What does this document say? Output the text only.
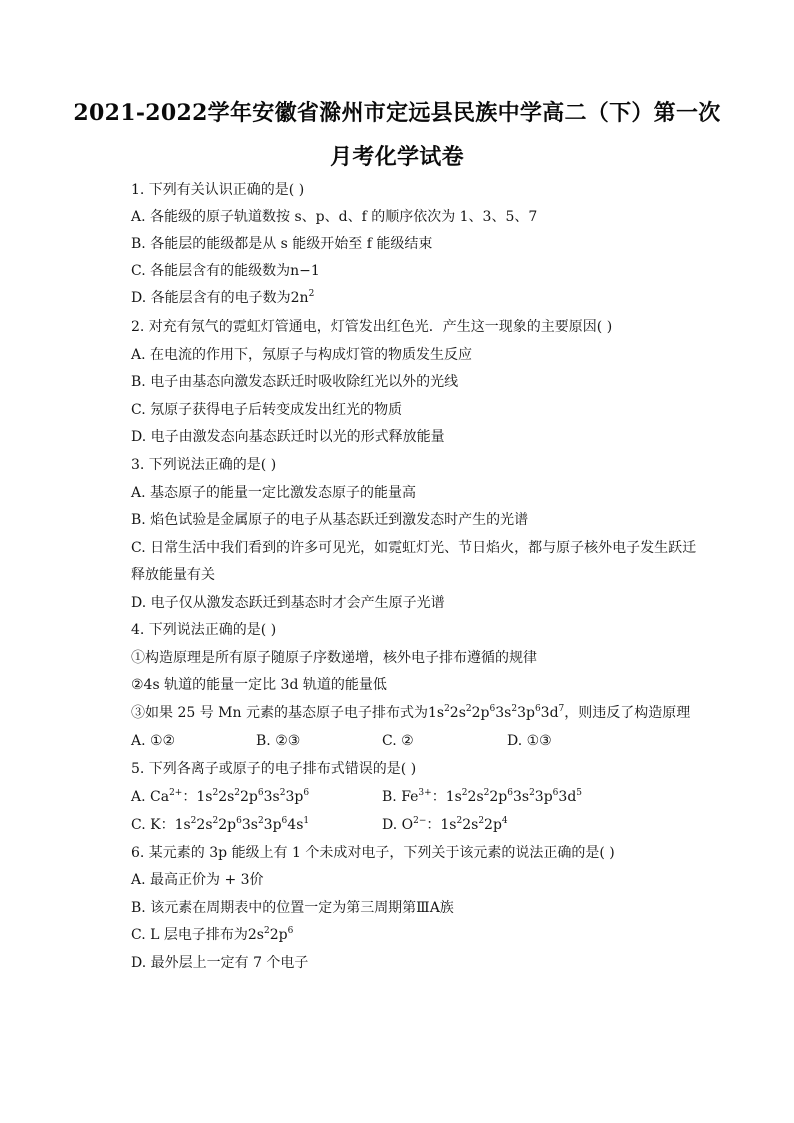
2021-2022学年安徽省滁州市定远县民族中学高二（下）第一次
月考化学试卷
1. 下列有关认识正确的是( )
A. 各能级的原子轨道数按 s、p、d、f 的顺序依次为 1、3、5、7
B. 各能层的能级都是从 s 能级开始至 f 能级结束
C. 各能层含有的能级数为n−1
D. 各能层含有的电子数为$2n^2$
2. 对充有氖气的霓虹灯管通电，灯管发出红色光．产生这一现象的主要原因( )
A. 在电流的作用下，氖原子与构成灯管的物质发生反应
B. 电子由基态向激发态跃迁时吸收除红光以外的光线
C. 氖原子获得电子后转变成发出红光的物质
D. 电子由激发态向基态跃迁时以光的形式释放能量
3. 下列说法正确的是( )
A. 基态原子的能量一定比激发态原子的能量高
B. 焰色试验是金属原子的电子从基态跃迁到激发态时产生的光谱
C. 日常生活中我们看到的许多可见光，如霓虹灯光、节日焰火，都与原子核外电子发生跃迁
释放能量有关
D. 电子仅从激发态跃迁到基态时才会产生原子光谱
4. 下列说法正确的是( )
①构造原理是所有原子随原子序数递增，核外电子排布遵循的规律
②4s 轨道的能量一定比 3d 轨道的能量低
③如果 25 号 Mn 元素的基态原子电子排布式为$1s^22s^22p^63s^23p^63d^7$，则违反了构造原理
A. ①②	B. ②③	C. ②	D. ①③
5. 下列各离子或原子的电子排布式错误的是( )
A. $Ca^{2+}$：$1s^22s^22p^63s^23p^6$	B. $Fe^{3+}$：$1s^22s^22p^63s^23p^63d^5$
C. K：$1s^22s^22p^63s^23p^64s^1$	D. $O^{2-}$：$1s^22s^22p^4$
6. 某元素的 3p 能级上有 1 个未成对电子，下列关于该元素的说法正确的是( )
A. 最高正价为 + 3价
B. 该元素在周期表中的位置一定为第三周期第ⅢA族
C. L 层电子排布为$2s^22p^6$
D. 最外层上一定有 7 个电子
